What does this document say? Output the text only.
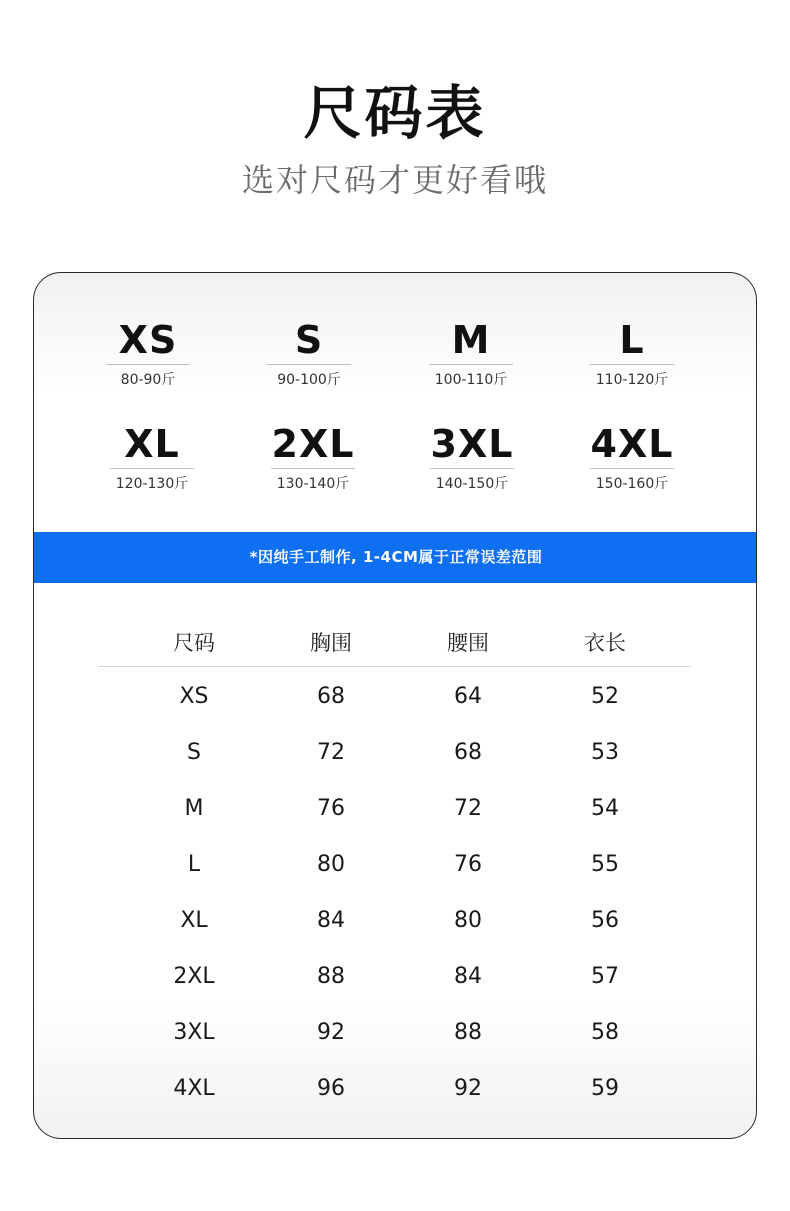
尺码表
选对尺码才更好看哦
XS
80-90斤
S
90-100斤
M
100-110斤
L
110-120斤
XL
120-130斤
2XL
130-140斤
3XL
140-150斤
4XL
150-160斤
*因纯手工制作, 1-4CM属于正常误差范围
尺码	胸围	腰围	衣长
XS	68	64	52
S	72	68	53
M	76	72	54
L	80	76	55
XL	84	80	56
2XL	88	84	57
3XL	92	88	58
4XL	96	92	59
